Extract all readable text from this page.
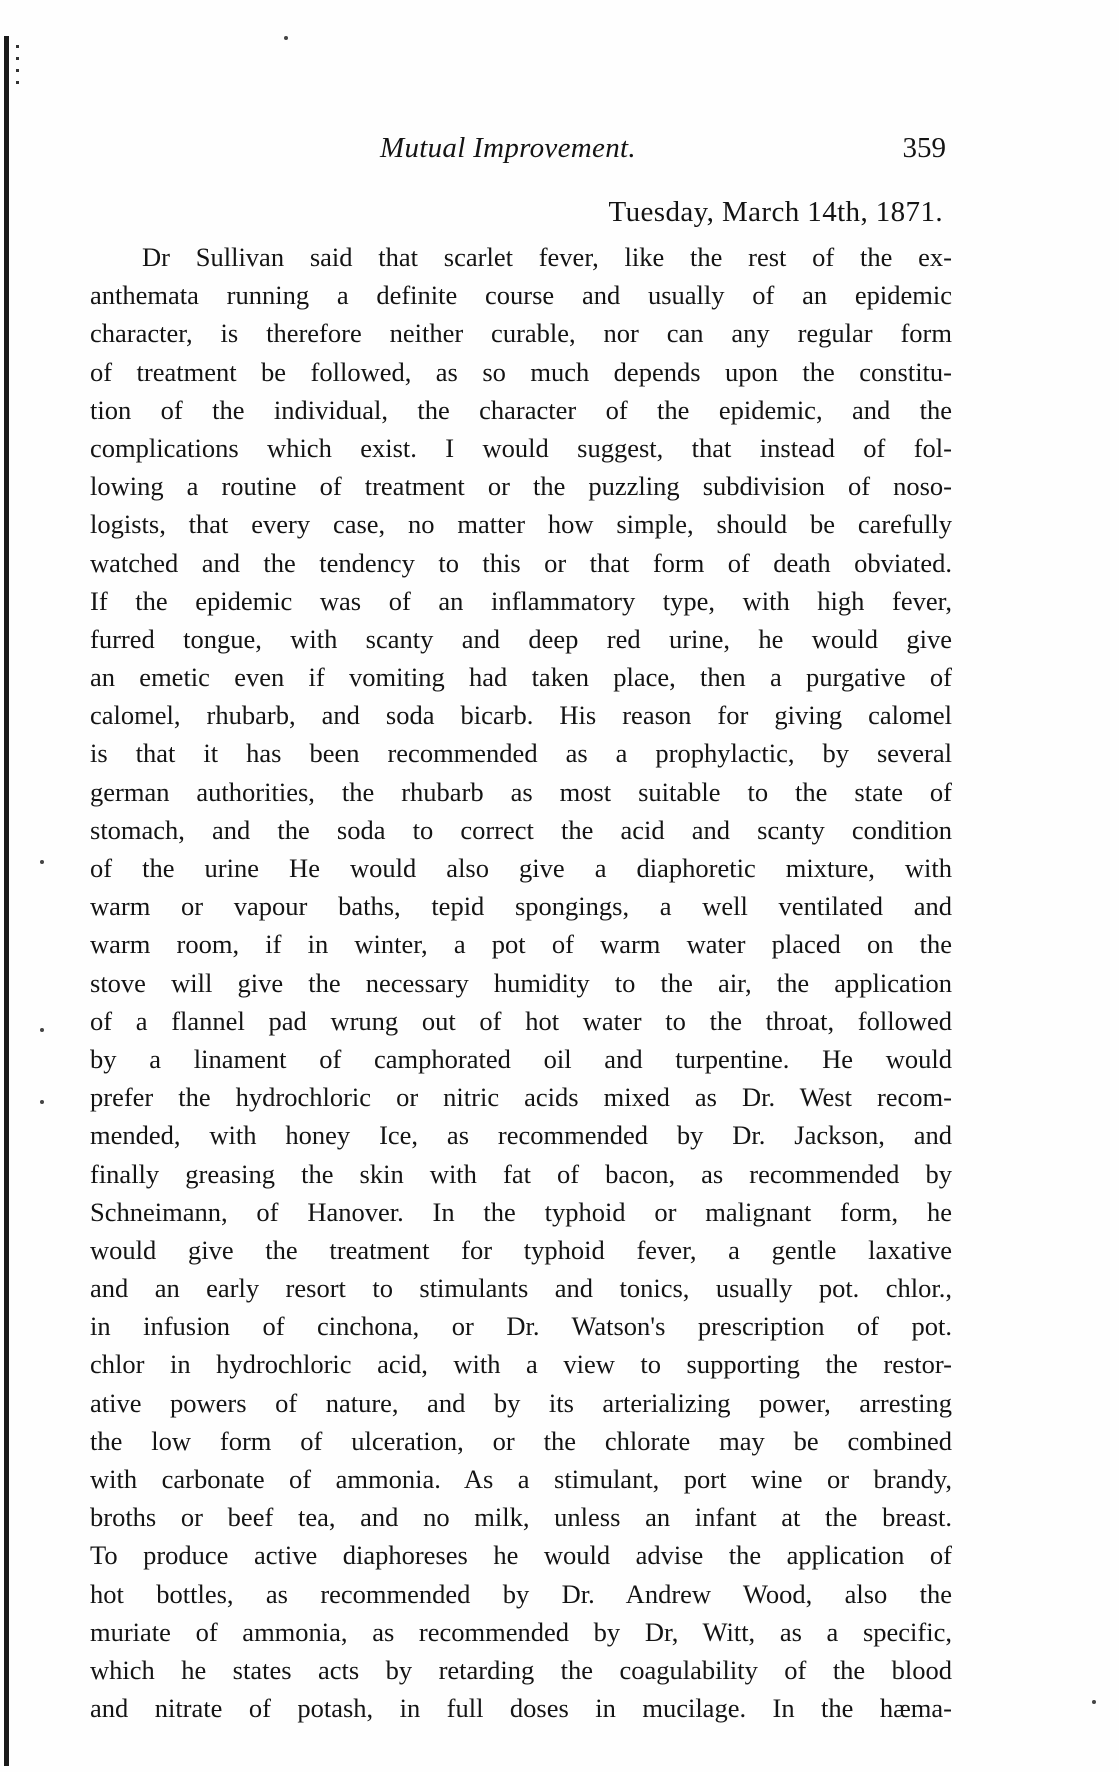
Mutual Improvement.	359
Tuesday, March 14th, 1871.
Dr Sullivan said that scarlet fever, like the rest of the ex-
anthemata running a definite course and usually of an epidemic
character, is therefore neither curable, nor can any regular form
of treatment be followed, as so much depends upon the constitu-
tion of the individual, the character of the epidemic, and the
complications which exist. I would suggest, that instead of fol-
lowing a routine of treatment or the puzzling subdivision of noso-
logists, that every case, no matter how simple, should be carefully
watched and the tendency to this or that form of death obviated.
If the epidemic was of an inflammatory type, with high fever,
furred tongue, with scanty and deep red urine, he would give
an emetic even if vomiting had taken place, then a purgative of
calomel, rhubarb, and soda bicarb. His reason for giving calomel
is that it has been recommended as a prophylactic, by several
german authorities, the rhubarb as most suitable to the state of
stomach, and the soda to correct the acid and scanty condition
of the urine He would also give a diaphoretic mixture, with
warm or vapour baths, tepid spongings, a well ventilated and
warm room, if in winter, a pot of warm water placed on the
stove will give the necessary humidity to the air, the application
of a flannel pad wrung out of hot water to the throat, followed
by a linament of camphorated oil and turpentine. He would
prefer the hydrochloric or nitric acids mixed as Dr. West recom-
mended, with honey Ice, as recommended by Dr. Jackson, and
finally greasing the skin with fat of bacon, as recommended by
Schneimann, of Hanover. In the typhoid or malignant form, he
would give the treatment for typhoid fever, a gentle laxative
and an early resort to stimulants and tonics, usually pot. chlor.,
in infusion of cinchona, or Dr. Watson's prescription of pot.
chlor in hydrochloric acid, with a view to supporting the restor-
ative powers of nature, and by its arterializing power, arresting
the low form of ulceration, or the chlorate may be combined
with carbonate of ammonia. As a stimulant, port wine or brandy,
broths or beef tea, and no milk, unless an infant at the breast.
To produce active diaphoreses he would advise the application of
hot bottles, as recommended by Dr. Andrew Wood, also the
muriate of ammonia, as recommended by Dr, Witt, as a specific,
which he states acts by retarding the coagulability of the blood
and nitrate of potash, in full doses in mucilage. In the hæma-
